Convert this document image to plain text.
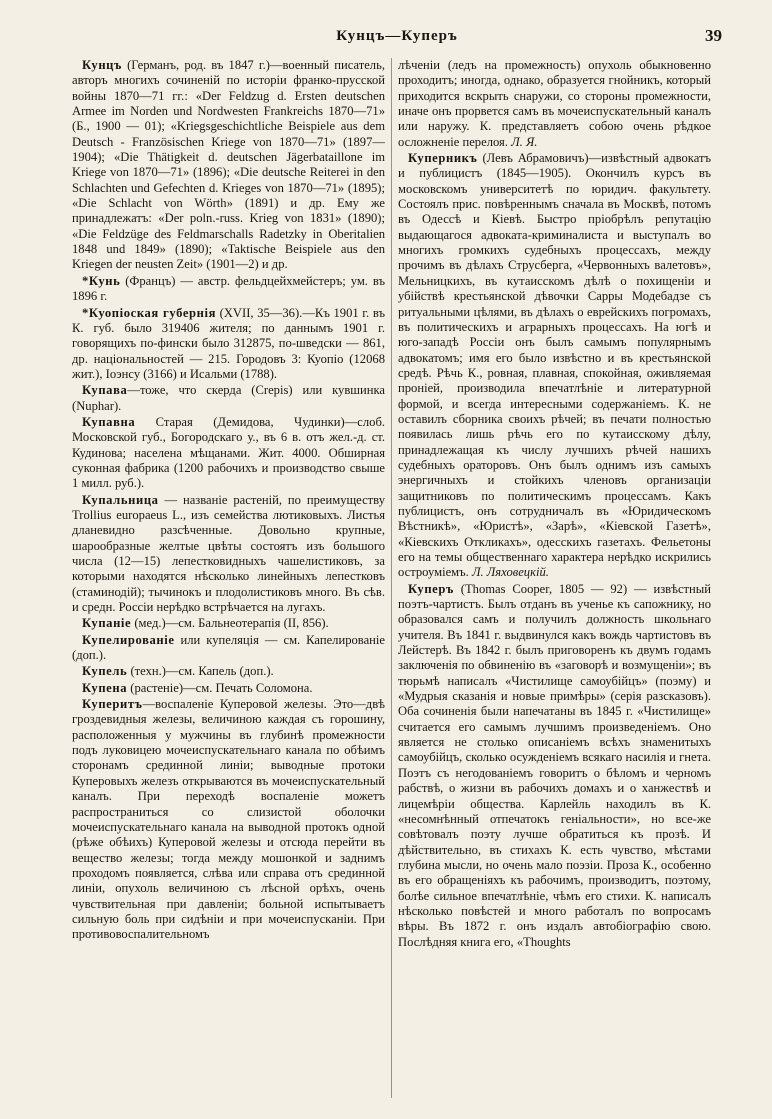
Кунцъ—Куперъ	39

Кунцъ (Германъ, род. въ 1847 г.)—военный писатель, авторъ многихъ сочиненій по исторіи франко-прусской войны 1870—71 гг.: «Der Feldzug d. Ersten deutschen Armee im Norden und Nordwesten Frankreichs 1870—71» (Б., 1900 — 01); «Kriegsgeschichtliche Beispiele aus dem Deutsch - Französischen Kriege von 1870—71» (1897—1904); «Die Thätigkeit d. deutschen Jägerbataillone im Kriege von 1870—71» (1896); «Die deutsche Reiterei in den Schlachten und Gefechten d. Krieges von 1870—71» (1895); «Die Schlacht von Wörth» (1891) и др. Ему же принадлежатъ: «Der poln.-russ. Krieg von 1831» (1890); «Die Feldzüge des Feldmarschalls Radetzky in Oberitalien 1848 und 1849» (1890); «Taktische Beispiele aus den Kriegen der neusten Zeit» (1901—2) и др.

*Кунь (Францъ) — австр. фельдцейхмейстеръ; ум. въ 1896 г.

*Куопіоская губернія (XVII, 35—36).—Къ 1901 г. въ К. губ. было 319406 жителя; по даннымъ 1901 г. говорящихъ по-фински было 312875, по-шведски — 861, др. національностей — 215. Городовъ 3: Куопіо (12068 жит.), Іоэнсу (3166) и Исальми (1788).

Купава—тоже, что скерда (Crepis) или кувшинка (Nuphar).

Купавна Старая (Демидова, Чудинки)—слоб. Московской губ., Богородскаго у., въ 6 в. отъ жел.-д. ст. Кудинова; населена мѣщанами. Жит. 4000. Обширная суконная фабрика (1200 рабочихъ и производство свыше 1 милл. руб.).

Купальница — названіе растеній, по преимуществу Trollius europaeus L., изъ семейства лютиковыхъ. Листья дланевидно разсѣченные. Довольно крупные, шарообразные желтые цвѣты состоятъ изъ большого числа (12—15) лепестковидныхъ чашелистиковъ, за которыми находятся нѣсколько линейныхъ лепестковъ (стаминодій); тычинокъ и плодолистиковъ много. Въ сѣв. и средн. Россіи нерѣдко встрѣчается на лугахъ.

Купаніе (мед.)—см. Бальнеотерапія (II, 856).

Купелированіе или купеляція — см. Капелированіе (доп.).

Купель (техн.)—см. Капель (доп.).

Купена (растеніе)—см. Печать Соломона.

Куперитъ—воспаленіе Куперовой железы. Это—двѣ гроздевидныя железы, величиною каждая съ горошину, расположенныя у мужчины въ глубинѣ промежности подъ луковицею мочеиспускательнаго канала по обѣимъ сторонамъ срединной линіи; выводные протоки Куперовыхъ железъ открываются въ мочеиспускательный каналъ. При переходѣ воспаленіе можетъ распространиться со слизистой оболочки мочеиспускательнаго канала на выводной протокъ одной (рѣже обѣихъ) Куперовой железы и отсюда перейти въ вещество железы; тогда между мошонкой и заднимъ проходомъ появляется, слѣва или справа отъ срединной линіи, опухоль величиною съ лѣсной орѣхъ, очень чувствительная при давленіи; больной испытываетъ сильную боль при сидѣніи и при мочеиспусканіи. При противовоспалительномъ

лѣченіи (ледъ на промежность) опухоль обыкновенно проходитъ; иногда, однако, образуется гнойникъ, который приходится вскрыть снаружи, со стороны промежности, иначе онъ прорвется самъ въ мочеиспускательный каналъ или наружу. К. представляетъ собою очень рѣдкое осложненіе перелоя. Л. Я.

Куперникъ (Левъ Абрамовичъ)—извѣстный адвокатъ и публицистъ (1845—1905). Окончилъ курсъ въ московскомъ университетѣ по юридич. факультету. Состоялъ прис. повѣреннымъ сначала въ Москвѣ, потомъ въ Одессѣ и Кіевѣ. Быстро пріобрѣлъ репутацію выдающагося адвоката-криминалиста и выступалъ во многихъ громкихъ судебныхъ процессахъ, между прочимъ въ дѣлахъ Струсберга, «Червонныхъ валетовъ», Мельницкихъ, въ кутаисскомъ дѣлѣ о похищеніи и убійствѣ крестьянской дѣвочки Сарры Модебадзе съ ритуальными цѣлями, въ дѣлахъ о еврейскихъ погромахъ, въ политическихъ и аграрныхъ процессахъ. На югѣ и юго-западѣ Россіи онъ былъ самымъ популярнымъ адвокатомъ; имя его было извѣстно и въ крестьянской средѣ. Рѣчь К., ровная, плавная, спокойная, оживляемая проніей, производила впечатлѣніе и литературной формой, и всегда интересными содержаніемъ. К. не оставилъ сборника своихъ рѣчей; въ печати полностью появилась лишь рѣчь его по кутаисскому дѣлу, принадлежащая къ числу лучшихъ рѣчей нашихъ судебныхъ ораторовъ. Онъ былъ однимъ изъ самыхъ энергичныхъ и стойкихъ членовъ организаціи защитниковъ по политическимъ процессамъ. Какъ публицистъ, онъ сотрудничалъ въ «Юридическомъ Вѣстникѣ», «Юристѣ», «Зарѣ», «Кіевской Газетѣ», «Кіевскихъ Откликахъ», одесскихъ газетахъ. Фельетоны его на темы общественнаго характера нерѣдко искрились остроуміемъ. Л. Ляховецкій.

Куперъ (Thomas Cooper, 1805 — 92) — извѣстный поэтъ-чартистъ. Былъ отданъ въ ученье къ сапожнику, но образовался самъ и получилъ должность школьнаго учителя. Въ 1841 г. выдвинулся какъ вождь чартистовъ въ Лейстерѣ. Въ 1842 г. былъ приговоренъ къ двумъ годамъ заключенія по обвиненію въ «заговорѣ и возмущеніи»; въ тюрьмѣ написалъ «Чистилище самоубійцъ» (поэму) и «Мудрыя сказанія и новые примѣры» (серія разсказовъ). Оба сочиненія были напечатаны въ 1845 г. «Чистилище» считается его самымъ лучшимъ произведеніемъ. Оно является не столько описаніемъ всѣхъ знаменитыхъ самоубійцъ, сколько осужденіемъ всякаго насилія и гнета. Поэтъ съ негодованіемъ говоритъ о бѣломъ и черномъ рабствѣ, о жизни въ рабочихъ домахъ и о ханжествѣ и лицемѣріи общества. Карлейль находилъ въ К. «несомнѣнный отпечатокъ геніальности», но все-же совѣтовалъ поэту лучше обратиться къ прозѣ. И дѣйствительно, въ стихахъ К. есть чувство, мѣстами глубина мысли, но очень мало поэзіи. Проза К., особенно въ его обращеніяхъ къ рабочимъ, производитъ, поэтому, болѣе сильное впечатлѣніе, чѣмъ его стихи. К. написалъ нѣсколько повѣстей и много работалъ по вопросамъ вѣры. Въ 1872 г. онъ издалъ автобіографію свою. Послѣдняя книга его, «Thoughts
